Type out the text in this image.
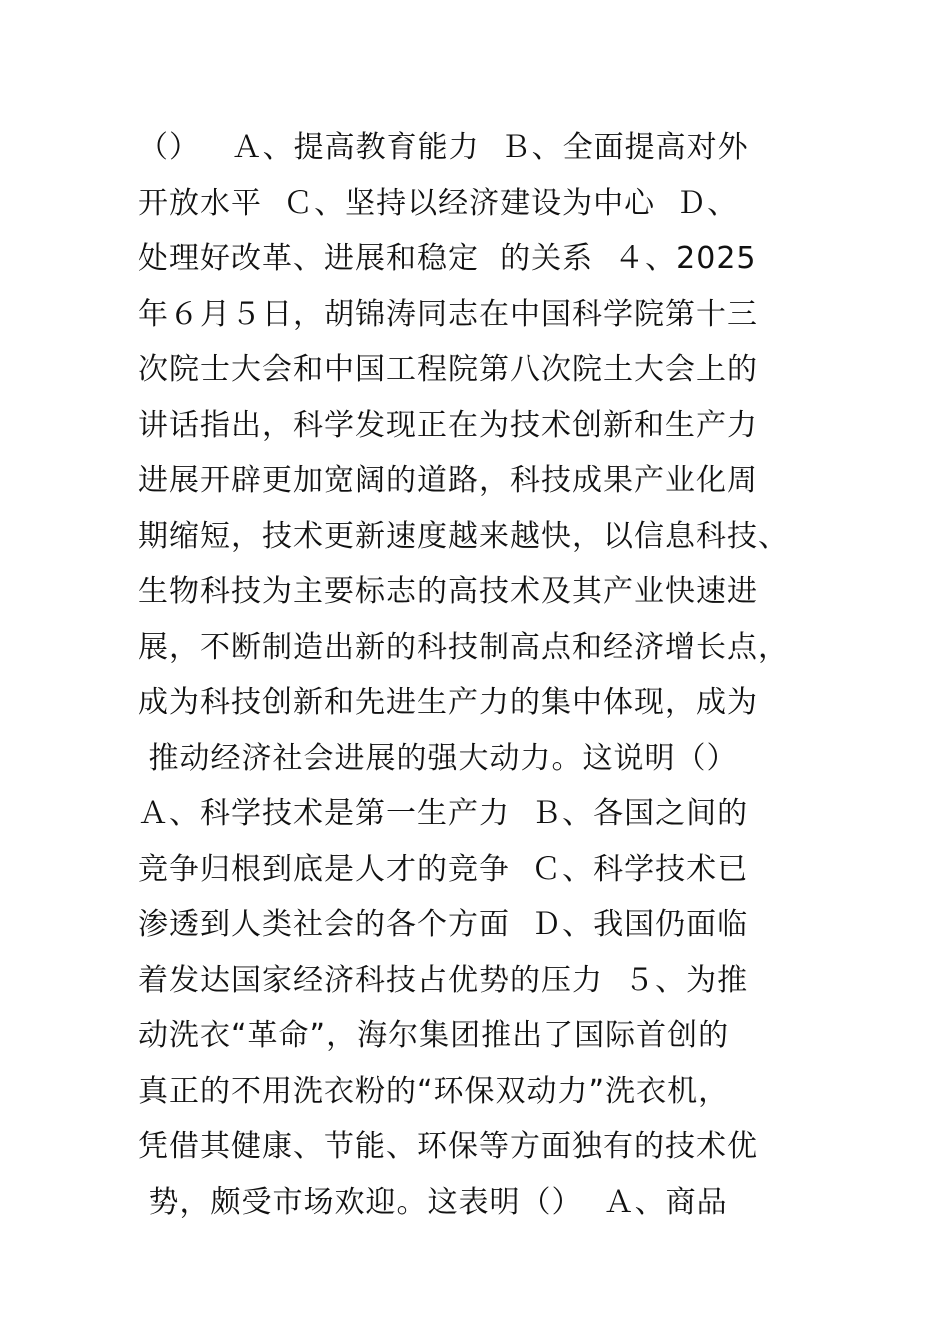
（）   Ａ、提高教育能力  Ｂ、全面提高对外
开放水平  Ｃ、坚持以经济建设为中心  Ｄ、
处理好改革、进展和稳定  的关系  ４、2025
年６月５日，胡锦涛同志在中国科学院第十三
次院士大会和中国工程院第八次院土大会上的
讲话指出，科学发现正在为技术创新和生产力
进展开辟更加宽阔的道路，科技成果产业化周
期缩短，技术更新速度越来越快，以信息科技、
生物科技为主要标志的高技术及其产业快速进
展，不断制造出新的科技制高点和经济增长点，
成为科技创新和先进生产力的集中体现，成为
推动经济社会进展的强大动力。这说明（）
Ａ、科学技术是第一生产力  Ｂ、各国之间的
竞争归根到底是人才的竞争  Ｃ、科学技术已
渗透到人类社会的各个方面  Ｄ、我国仍面临
着发达国家经济科技占优势的压力  ５、为推
动洗衣“革命”，海尔集团推出了国际首创的
真正的不用洗衣粉的“环保双动力”洗衣机，
凭借其健康、节能、环保等方面独有的技术优
势，颇受市场欢迎。这表明（）  Ａ、商品
